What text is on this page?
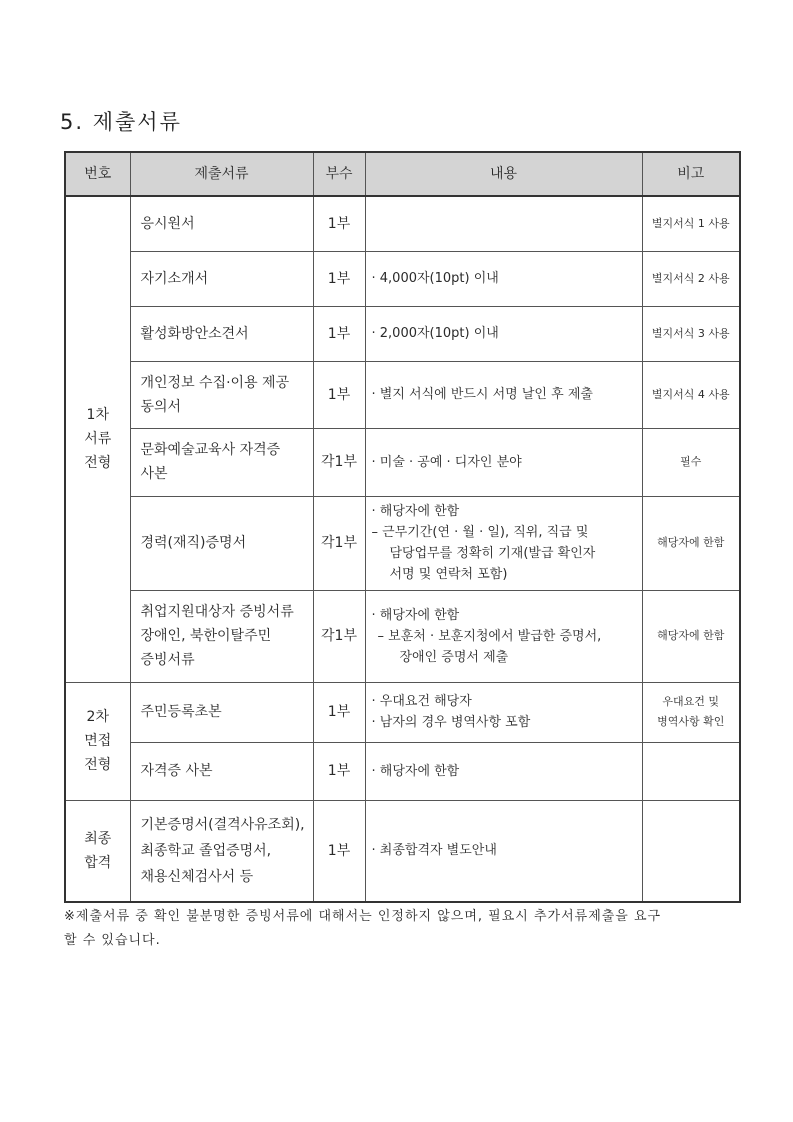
5. 제출서류
번호	제출서류	부수	내용	비고

1차
서류
전형	응시원서	1부		별지서식 1 사용

	자기소개서	1부	· 4,000자(10pt) 이내	별지서식 2 사용

	활성화방안소견서	1부	· 2,000자(10pt) 이내	별지서식 3 사용

	개인정보 수집·이용 제공
동의서	1부	· 별지 서식에 반드시 서명 날인 후 제출	별지서식 4 사용

	문화예술교육사 자격증
사본	각1부	· 미술 · 공예 · 디자인 분야	필수

	경력(재직)증명서	각1부	· 해당자에 한함
– 근무기간(연 · 월 · 일), 직위, 직급 및
담당업무를 정확히 기재(발급 확인자
서명 및 연락처 포함)	해당자에 한함

	취업지원대상자 증빙서류
장애인, 북한이탈주민
증빙서류	각1부	· 해당자에 한함
– 보훈처 · 보훈지청에서 발급한 증명서,
장애인 증명서 제출	해당자에 한함

2차
면접
전형	주민등록초본	1부	· 우대요건 해당자
· 남자의 경우 병역사항 포함	우대요건 및
병역사항 확인

	자격증 사본	1부	· 해당자에 한함	

최종
합격	기본증명서(결격사유조회),
최종학교 졸업증명서,
채용신체검사서 등	1부	· 최종합격자 별도안내	

※제출서류 중 확인 불분명한 증빙서류에 대해서는 인정하지 않으며, 필요시 추가서류제출을 요구
할 수 있습니다.
